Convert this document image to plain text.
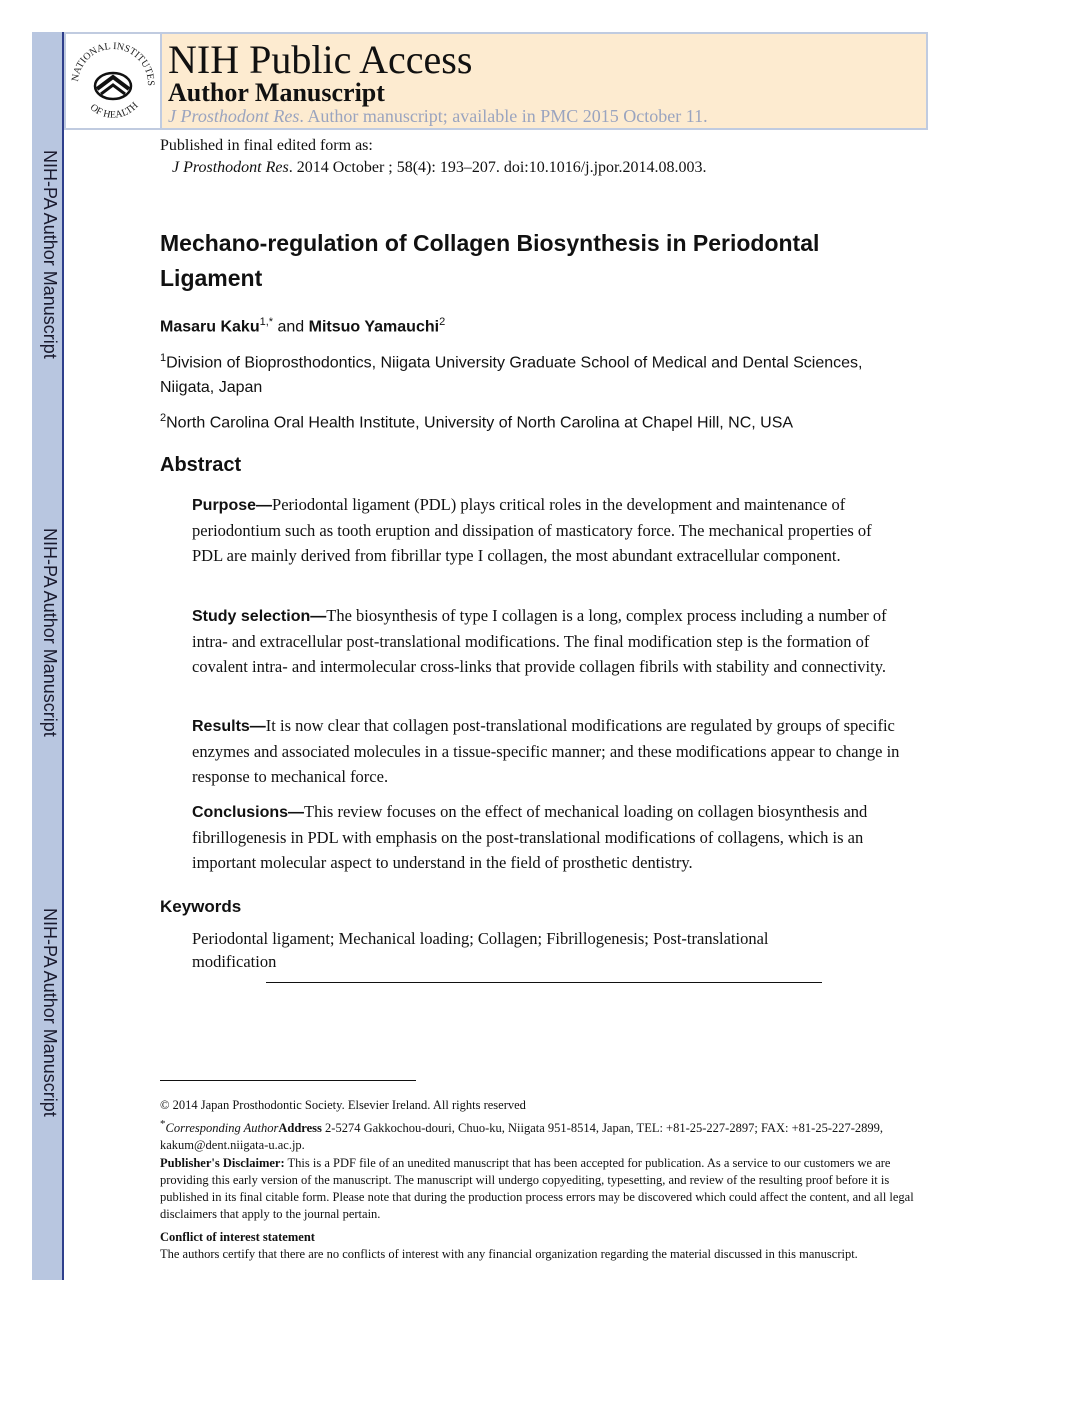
NIH-PA Author Manuscript
NIH-PA Author Manuscript
NIH-PA Author Manuscript
NATIONAL INSTITUTES
OF HEALTH
NIH Public Access
Author Manuscript
J Prosthodont Res. Author manuscript; available in PMC 2015 October 11.
Published in final edited form as:
J Prosthodont Res. 2014 October ; 58(4): 193–207. doi:10.1016/j.jpor.2014.08.003.
Mechano-regulation of Collagen Biosynthesis in Periodontal Ligament
Masaru Kaku$^{1,*}$ and Mitsuo Yamauchi$^2$
$^1$Division of Bioprosthodontics, Niigata University Graduate School of Medical and Dental Sciences, Niigata, Japan
$^2$North Carolina Oral Health Institute, University of North Carolina at Chapel Hill, NC, USA
Abstract
Purpose—Periodontal ligament (PDL) plays critical roles in the development and maintenance of periodontium such as tooth eruption and dissipation of masticatory force. The mechanical properties of PDL are mainly derived from fibrillar type I collagen, the most abundant extracellular component.
Study selection—The biosynthesis of type I collagen is a long, complex process including a number of intra- and extracellular post-translational modifications. The final modification step is the formation of covalent intra- and intermolecular cross-links that provide collagen fibrils with stability and connectivity.
Results—It is now clear that collagen post-translational modifications are regulated by groups of specific enzymes and associated molecules in a tissue-specific manner; and these modifications appear to change in response to mechanical force.
Conclusions—This review focuses on the effect of mechanical loading on collagen biosynthesis and fibrillogenesis in PDL with emphasis on the post-translational modifications of collagens, which is an important molecular aspect to understand in the field of prosthetic dentistry.
Keywords
Periodontal ligament; Mechanical loading; Collagen; Fibrillogenesis; Post-translational modification
© 2014 Japan Prosthodontic Society. Elsevier Ireland. All rights reserved
*Corresponding AuthorAddress 2-5274 Gakkochou-douri, Chuo-ku, Niigata 951-8514, Japan, TEL: +81-25-227-2897; FAX: +81-25-227-2899, kakum@dent.niigata-u.ac.jp.
Publisher's Disclaimer: This is a PDF file of an unedited manuscript that has been accepted for publication. As a service to our customers we are providing this early version of the manuscript. The manuscript will undergo copyediting, typesetting, and review of the resulting proof before it is published in its final citable form. Please note that during the production process errors may be discovered which could affect the content, and all legal disclaimers that apply to the journal pertain.
Conflict of interest statement
The authors certify that there are no conflicts of interest with any financial organization regarding the material discussed in this manuscript.
